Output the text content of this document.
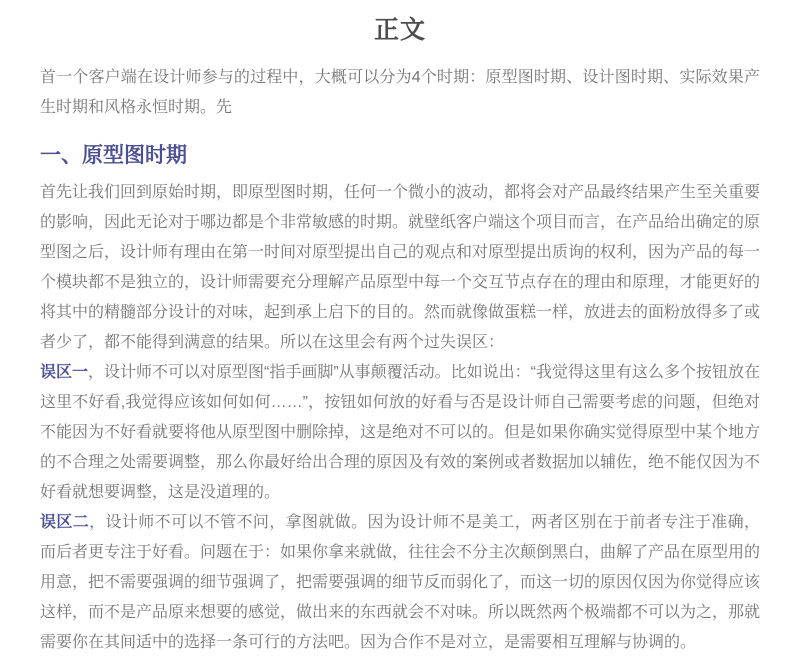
正文

首一个客户端在设计师参与的过程中，大概可以分为4个时期：原型图时期、设计图时期、实际效果产生时期和风格永恒时期。先

一、原型图时期

首先让我们回到原始时期，即原型图时期，任何一个微小的波动，都将会对产品最终结果产生至关重要的影响，因此无论对于哪边都是个非常敏感的时期。就壁纸客户端这个项目而言，在产品给出确定的原型图之后，设计师有理由在第一时间对原型提出自己的观点和对原型提出质询的权利，因为产品的每一个模块都不是独立的，设计师需要充分理解产品原型中每一个交互节点存在的理由和原理，才能更好的将其中的精髓部分设计的对味，起到承上启下的目的。然而就像做蛋糕一样，放进去的面粉放得多了或者少了，都不能得到满意的结果。所以在这里会有两个过失误区：

误区一，设计师不可以对原型图“指手画脚”从事颠覆活动。比如说出：“我觉得这里有这么多个按钮放在这里不好看,我觉得应该如何如何……”，按钮如何放的好看与否是设计师自己需要考虑的问题，但绝对不能因为不好看就要将他从原型图中删除掉，这是绝对不可以的。但是如果你确实觉得原型中某个地方的不合理之处需要调整，那么你最好给出合理的原因及有效的案例或者数据加以辅佐，绝不能仅因为不好看就想要调整，这是没道理的。

误区二，设计师不可以不管不问，拿图就做。因为设计师不是美工，两者区别在于前者专注于准确，而后者更专注于好看。问题在于：如果你拿来就做，往往会不分主次颠倒黑白，曲解了产品在原型用的用意，把不需要强调的细节强调了，把需要强调的细节反而弱化了，而这一切的原因仅因为你觉得应该这样，而不是产品原来想要的感觉，做出来的东西就会不对味。所以既然两个极端都不可以为之，那就需要你在其间适中的选择一条可行的方法吧。因为合作不是对立，是需要相互理解与协调的。
